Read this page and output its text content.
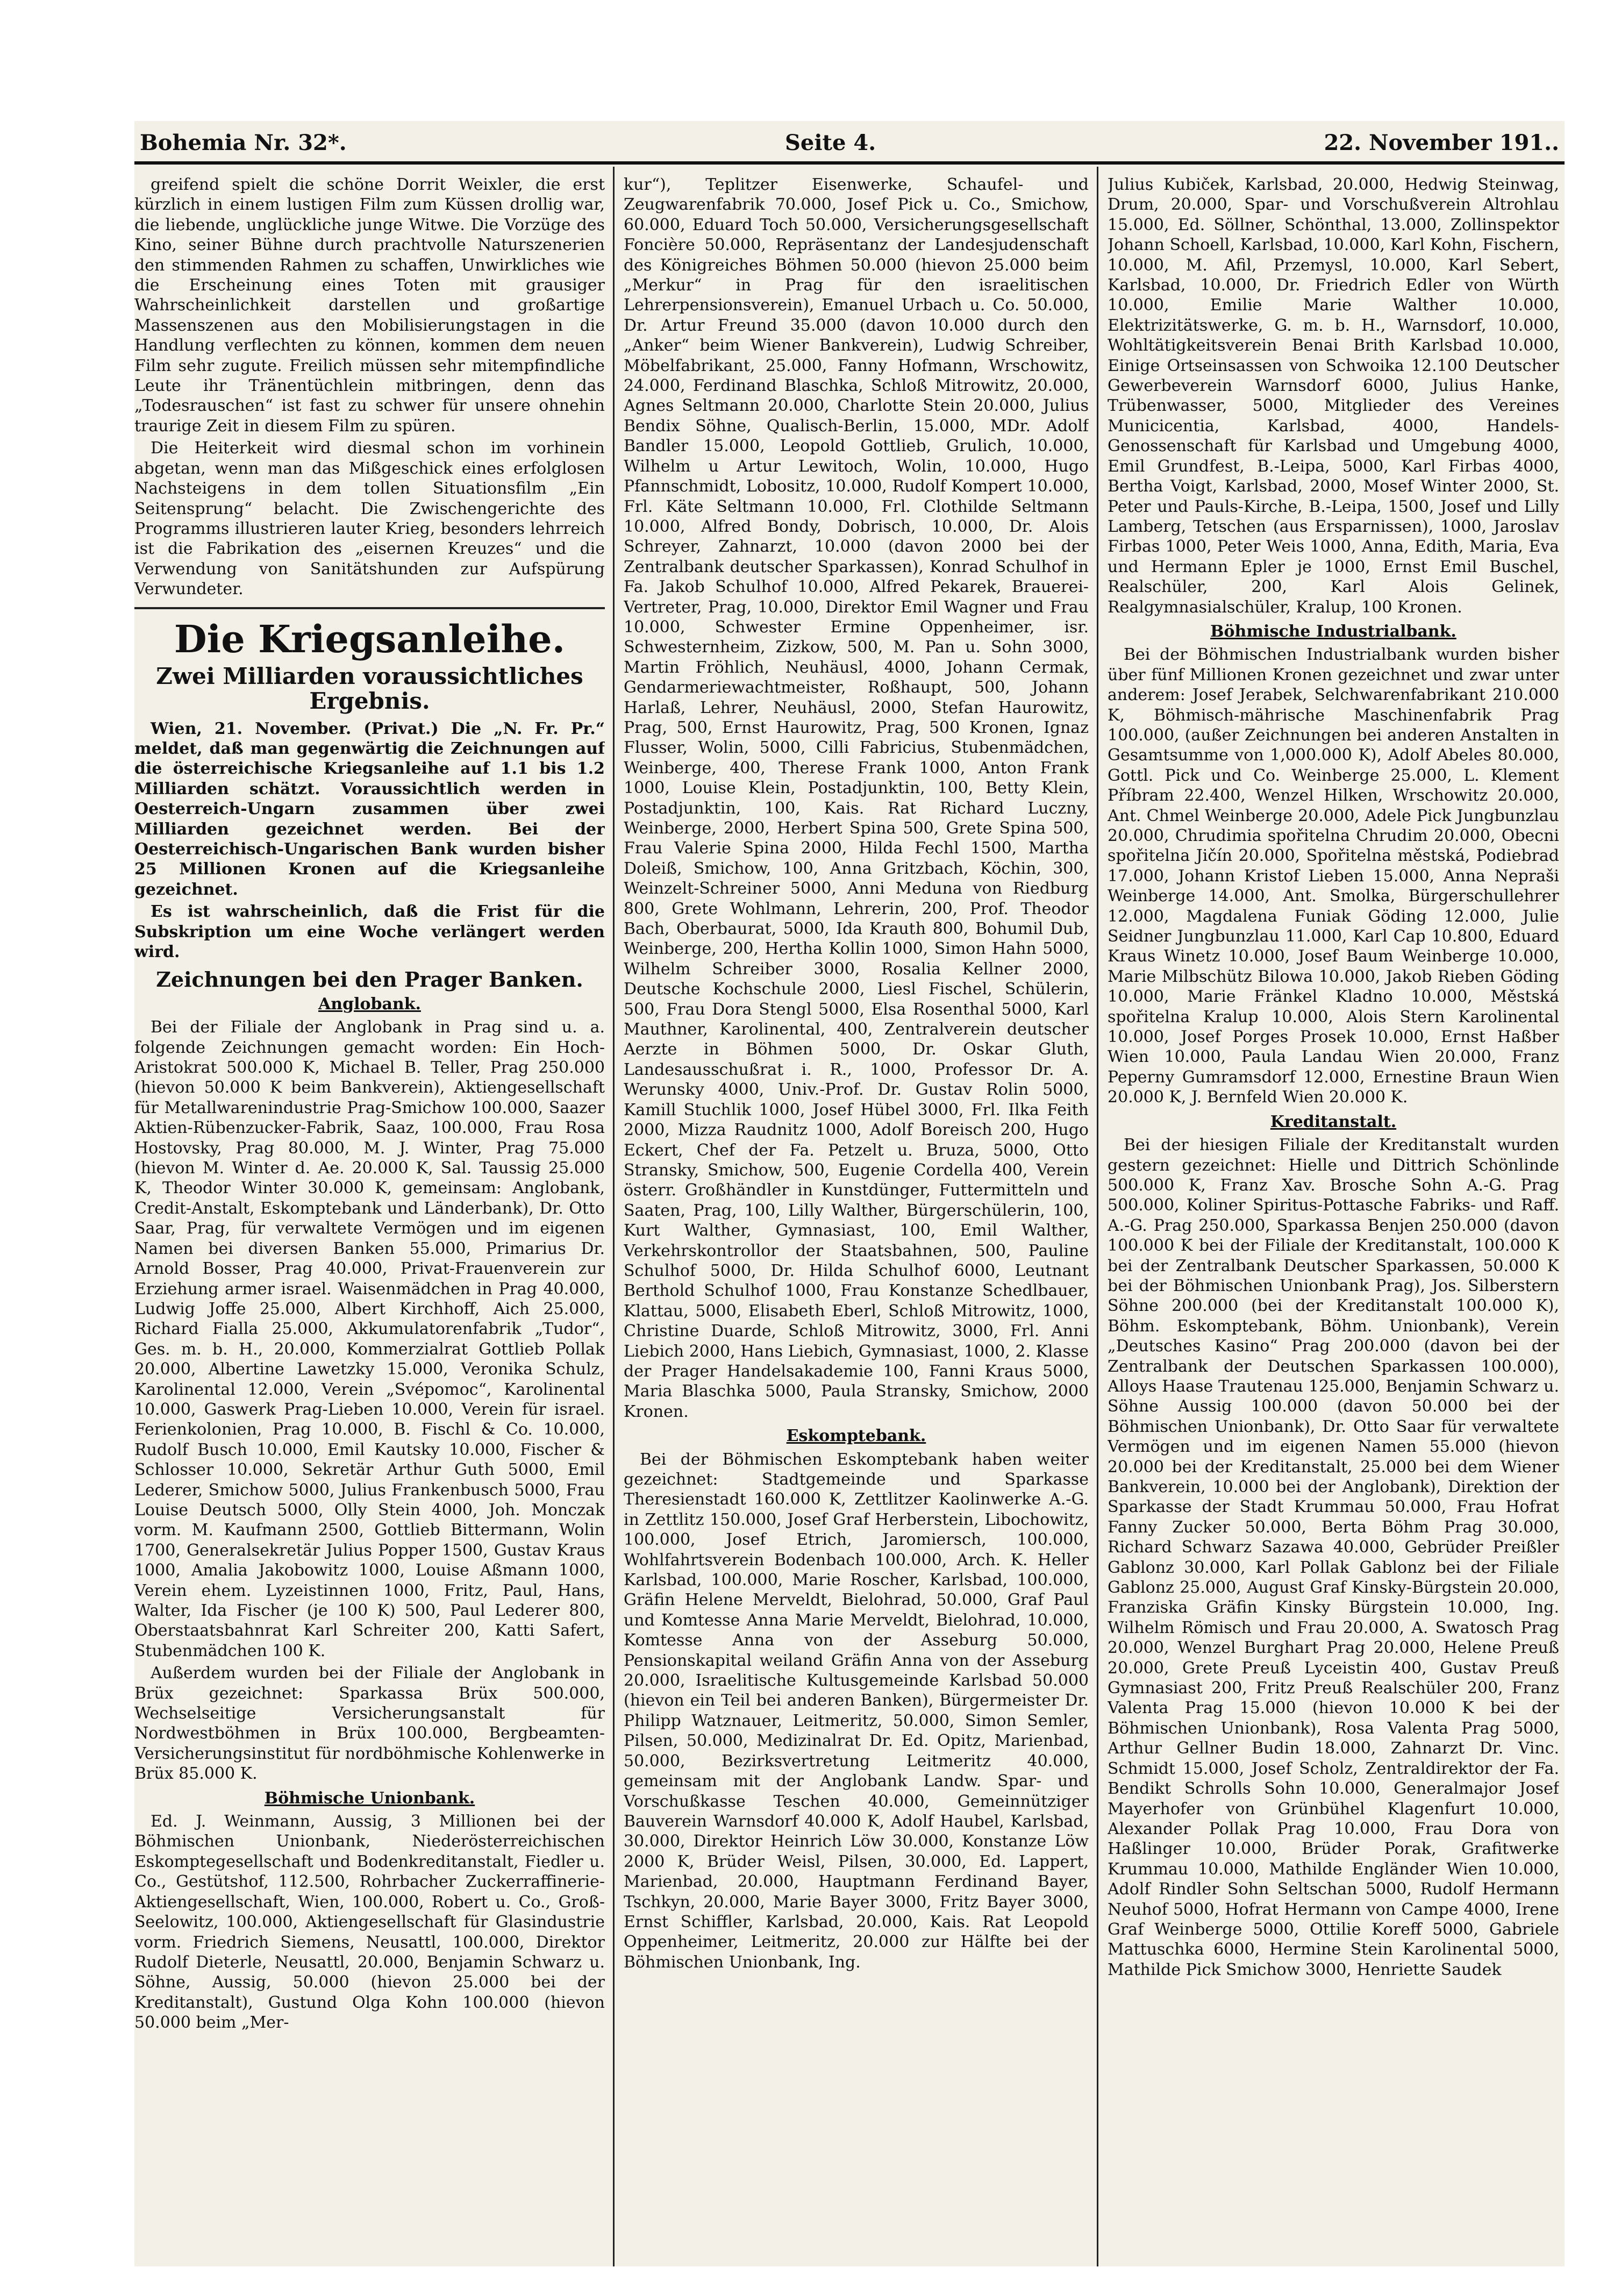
Bohemia Nr. 32*.	Seite 4.	22. November 191..

greifend spielt die schöne Dorrit Weixler, die erst kürzlich in einem lustigen Film zum Küssen drollig war, die liebende, unglückliche junge Witwe. Die Vorzüge des Kino, seiner Bühne durch prachtvolle Naturszenerien den stimmenden Rahmen zu schaffen, Unwirkliches wie die Erscheinung eines Toten mit grausiger Wahrscheinlichkeit darstellen und großartige Massenszenen aus den Mobilisierungstagen in die Handlung verflechten zu können, kommen dem neuen Film sehr zugute. Freilich müssen sehr mitempfindliche Leute ihr Tränentüchlein mitbringen, denn das „Todesrauschen“ ist fast zu schwer für unsere ohnehin traurige Zeit in diesem Film zu spüren.

Die Heiterkeit wird diesmal schon im vorhinein abgetan, wenn man das Mißgeschick eines erfolglosen Nachsteigens in dem tollen Situationsfilm „Ein Seitensprung“ belacht. Die Zwischengerichte des Programms illustrieren lauter Krieg, besonders lehrreich ist die Fabrikation des „eisernen Kreuzes“ und die Verwendung von Sanitätshunden zur Aufspürung Verwundeter.

Die Kriegsanleihe.
Zwei Milliarden voraussichtliches Ergebnis.

Wien, 21. November. (Privat.) Die „N. Fr. Pr.“ meldet, daß man gegenwärtig die Zeichnungen auf die österreichische Kriegsanleihe auf 1.1 bis 1.2 Milliarden schätzt. Voraussichtlich werden in Oesterreich-Ungarn zusammen über zwei Milliarden gezeichnet werden. Bei der Oesterreichisch-Ungarischen Bank wurden bisher 25 Millionen Kronen auf die Kriegsanleihe gezeichnet.

Es ist wahrscheinlich, daß die Frist für die Subskription um eine Woche verlängert werden wird.

Zeichnungen bei den Prager Banken.
Anglobank.

Bei der Filiale der Anglobank in Prag sind u. a. folgende Zeichnungen gemacht worden: Ein Hoch-Aristokrat 500.000 K, Michael B. Teller, Prag 250.000 (hievon 50.000 K beim Bankverein), Aktiengesellschaft für Metallwarenindustrie Prag-Smichow 100.000, Saazer Aktien-Rübenzucker-Fabrik, Saaz, 100.000, Frau Rosa Hostovsky, Prag 80.000, M. J. Winter, Prag 75.000 (hievon M. Winter d. Ae. 20.000 K, Sal. Taussig 25.000 K, Theodor Winter 30.000 K, gemeinsam: Anglobank, Credit-Anstalt, Eskomptebank und Länderbank), Dr. Otto Saar, Prag, für verwaltete Vermögen und im eigenen Namen bei diversen Banken 55.000, Primarius Dr. Arnold Bosser, Prag 40.000, Privat-Frauenverein zur Erziehung armer israel. Waisenmädchen in Prag 40.000, Ludwig Joffe 25.000, Albert Kirchhoff, Aich 25.000, Richard Fialla 25.000, Akkumulatorenfabrik „Tudor“, Ges. m. b. H., 20.000, Kommerzialrat Gottlieb Pollak 20.000, Albertine Lawetzky 15.000, Veronika Schulz, Karolinental 12.000, Verein „Svépomoc“, Karolinental 10.000, Gaswerk Prag-Lieben 10.000, Verein für israel. Ferienkolonien, Prag 10.000, B. Fischl & Co. 10.000, Rudolf Busch 10.000, Emil Kautsky 10.000, Fischer & Schlosser 10.000, Sekretär Arthur Guth 5000, Emil Lederer, Smichow 5000, Julius Frankenbusch 5000, Frau Louise Deutsch 5000, Olly Stein 4000, Joh. Monczak vorm. M. Kaufmann 2500, Gottlieb Bittermann, Wolin 1700, Generalsekretär Julius Popper 1500, Gustav Kraus 1000, Amalia Jakobowitz 1000, Louise Aßmann 1000, Verein ehem. Lyzeistinnen 1000, Fritz, Paul, Hans, Walter, Ida Fischer (je 100 K) 500, Paul Lederer 800, Oberstaatsbahnrat Karl Schreiter 200, Katti Safert, Stubenmädchen 100 K.

Außerdem wurden bei der Filiale der Anglobank in Brüx gezeichnet: Sparkassa Brüx 500.000, Wechselseitige Versicherungsanstalt für Nordwestböhmen in Brüx 100.000, Bergbeamten-Versicherungsinstitut für nordböhmische Kohlenwerke in Brüx 85.000 K.

Böhmische Unionbank.

Ed. J. Weinmann, Aussig, 3 Millionen bei der Böhmischen Unionbank, Niederösterreichischen Eskomptegesellschaft und Bodenkreditanstalt, Fiedler u. Co., Gestütshof, 112.500, Rohrbacher Zuckerraffinerie-Aktiengesellschaft, Wien, 100.000, Robert u. Co., Groß-Seelowitz, 100.000, Aktiengesellschaft für Glasindustrie vorm. Friedrich Siemens, Neusattl, 100.000, Direktor Rudolf Dieterle, Neusattl, 20.000, Benjamin Schwarz u. Söhne, Aussig, 50.000 (hievon 25.000 bei der Kreditanstalt), Gustund Olga Kohn 100.000 (hievon 50.000 beim „Mer-

kur“), Teplitzer Eisenwerke, Schaufel- und Zeugwarenfabrik 70.000, Josef Pick u. Co., Smichow, 60.000, Eduard Toch 50.000, Versicherungsgesellschaft Foncière 50.000, Repräsentanz der Landesjudenschaft des Königreiches Böhmen 50.000 (hievon 25.000 beim „Merkur“ in Prag für den israelitischen Lehrerpensionsverein), Emanuel Urbach u. Co. 50.000, Dr. Artur Freund 35.000 (davon 10.000 durch den „Anker“ beim Wiener Bankverein), Ludwig Schreiber, Möbelfabrikant, 25.000, Fanny Hofmann, Wrschowitz, 24.000, Ferdinand Blaschka, Schloß Mitrowitz, 20.000, Agnes Seltmann 20.000, Charlotte Stein 20.000, Julius Bendix Söhne, Qualisch-Berlin, 15.000, MDr. Adolf Bandler 15.000, Leopold Gottlieb, Grulich, 10.000, Wilhelm u Artur Lewitoch, Wolin, 10.000, Hugo Pfannschmidt, Lobositz, 10.000, Rudolf Kompert 10.000, Frl. Käte Seltmann 10.000, Frl. Clothilde Seltmann 10.000, Alfred Bondy, Dobrisch, 10.000, Dr. Alois Schreyer, Zahnarzt, 10.000 (davon 2000 bei der Zentralbank deutscher Sparkassen), Konrad Schulhof in Fa. Jakob Schulhof 10.000, Alfred Pekarek, Brauerei-Vertreter, Prag, 10.000, Direktor Emil Wagner und Frau 10.000, Schwester Ermine Oppenheimer, isr. Schwesternheim, Zizkow, 500, M. Pan u. Sohn 3000, Martin Fröhlich, Neuhäusl, 4000, Johann Cermak, Gendarmeriewachtmeister, Roßhaupt, 500, Johann Harlaß, Lehrer, Neuhäusl, 2000, Stefan Haurowitz, Prag, 500, Ernst Haurowitz, Prag, 500 Kronen, Ignaz Flusser, Wolin, 5000, Cilli Fabricius, Stubenmädchen, Weinberge, 400, Therese Frank 1000, Anton Frank 1000, Louise Klein, Postadjunktin, 100, Betty Klein, Postadjunktin, 100, Kais. Rat Richard Luczny, Weinberge, 2000, Herbert Spina 500, Grete Spina 500, Frau Valerie Spina 2000, Hilda Fechl 1500, Martha Doleiß, Smichow, 100, Anna Gritzbach, Köchin, 300, Weinzelt-Schreiner 5000, Anni Meduna von Riedburg 800, Grete Wohlmann, Lehrerin, 200, Prof. Theodor Bach, Oberbaurat, 5000, Ida Krauth 800, Bohumil Dub, Weinberge, 200, Hertha Kollin 1000, Simon Hahn 5000, Wilhelm Schreiber 3000, Rosalia Kellner 2000, Deutsche Kochschule 2000, Liesl Fischel, Schülerin, 500, Frau Dora Stengl 5000, Elsa Rosenthal 5000, Karl Mauthner, Karolinental, 400, Zentralverein deutscher Aerzte in Böhmen 5000, Dr. Oskar Gluth, Landesausschußrat i. R., 1000, Professor Dr. A. Werunsky 4000, Univ.-Prof. Dr. Gustav Rolin 5000, Kamill Stuchlik 1000, Josef Hübel 3000, Frl. Ilka Feith 2000, Mizza Raudnitz 1000, Adolf Boreisch 200, Hugo Eckert, Chef der Fa. Petzelt u. Bruza, 5000, Otto Stransky, Smichow, 500, Eugenie Cordella 400, Verein österr. Großhändler in Kunstdünger, Futtermitteln und Saaten, Prag, 100, Lilly Walther, Bürgerschülerin, 100, Kurt Walther, Gymnasiast, 100, Emil Walther, Verkehrskontrollor der Staatsbahnen, 500, Pauline Schulhof 5000, Dr. Hilda Schulhof 6000, Leutnant Berthold Schulhof 1000, Frau Konstanze Schedlbauer, Klattau, 5000, Elisabeth Eberl, Schloß Mitrowitz, 1000, Christine Duarde, Schloß Mitrowitz, 3000, Frl. Anni Liebich 2000, Hans Liebich, Gymnasiast, 1000, 2. Klasse der Prager Handelsakademie 100, Fanni Kraus 5000, Maria Blaschka 5000, Paula Stransky, Smichow, 2000 Kronen.

Eskomptebank.

Bei der Böhmischen Eskomptebank haben weiter gezeichnet: Stadtgemeinde und Sparkasse Theresienstadt 160.000 K, Zettlitzer Kaolinwerke A.-G. in Zettlitz 150.000, Josef Graf Herberstein, Libochowitz, 100.000, Josef Etrich, Jaromiersch, 100.000, Wohlfahrtsverein Bodenbach 100.000, Arch. K. Heller Karlsbad, 100.000, Marie Roscher, Karlsbad, 100.000, Gräfin Helene Merveldt, Bielohrad, 50.000, Graf Paul und Komtesse Anna Marie Merveldt, Bielohrad, 10.000, Komtesse Anna von der Asseburg 50.000, Pensionskapital weiland Gräfin Anna von der Asseburg 20.000, Israelitische Kultusgemeinde Karlsbad 50.000 (hievon ein Teil bei anderen Banken), Bürgermeister Dr. Philipp Watznauer, Leitmeritz, 50.000, Simon Semler, Pilsen, 50.000, Medizinalrat Dr. Ed. Opitz, Marienbad, 50.000, Bezirksvertretung Leitmeritz 40.000, gemeinsam mit der Anglobank Landw. Spar- und Vorschußkasse Teschen 40.000, Gemeinnütziger Bauverein Warnsdorf 40.000 K, Adolf Haubel, Karlsbad, 30.000, Direktor Heinrich Löw 30.000, Konstanze Löw 2000 K, Brüder Weisl, Pilsen, 30.000, Ed. Lappert, Marienbad, 20.000, Hauptmann Ferdinand Bayer, Tschkyn, 20.000, Marie Bayer 3000, Fritz Bayer 3000, Ernst Schiffler, Karlsbad, 20.000, Kais. Rat Leopold Oppenheimer, Leitmeritz, 20.000 zur Hälfte bei der Böhmischen Unionbank, Ing.

Julius Kubiček, Karlsbad, 20.000, Hedwig Steinwag, Drum, 20.000, Spar- und Vorschußverein Altrohlau 15.000, Ed. Söllner, Schönthal, 13.000, Zollinspektor Johann Schoell, Karlsbad, 10.000, Karl Kohn, Fischern, 10.000, M. Afil, Przemysl, 10.000, Karl Sebert, Karlsbad, 10.000, Dr. Friedrich Edler von Würth 10.000, Emilie Marie Walther 10.000, Elektrizitätswerke, G. m. b. H., Warnsdorf, 10.000, Wohltätigkeitsverein Benai Brith Karlsbad 10.000, Einige Ortseinsassen von Schwoika 12.100 Deutscher Gewerbeverein Warnsdorf 6000, Julius Hanke, Trübenwasser, 5000, Mitglieder des Vereines Municicentia, Karlsbad, 4000, Handels-Genossenschaft für Karlsbad und Umgebung 4000, Emil Grundfest, B.-Leipa, 5000, Karl Firbas 4000, Bertha Voigt, Karlsbad, 2000, Mosef Winter 2000, St. Peter und Pauls-Kirche, B.-Leipa, 1500, Josef und Lilly Lamberg, Tetschen (aus Ersparnissen), 1000, Jaroslav Firbas 1000, Peter Weis 1000, Anna, Edith, Maria, Eva und Hermann Epler je 1000, Ernst Emil Buschel, Realschüler, 200, Karl Alois Gelinek, Realgymnasialschüler, Kralup, 100 Kronen.

Böhmische Industrialbank.

Bei der Böhmischen Industrialbank wurden bisher über fünf Millionen Kronen gezeichnet und zwar unter anderem: Josef Jerabek, Selchwarenfabrikant 210.000 K, Böhmisch-mährische Maschinenfabrik Prag 100.000, (außer Zeichnungen bei anderen Anstalten in Gesamtsumme von 1,000.000 K), Adolf Abeles 80.000, Gottl. Pick und Co. Weinberge 25.000, L. Klement Příbram 22.400, Wenzel Hilken, Wrschowitz 20.000, Ant. Chmel Weinberge 20.000, Adele Pick Jungbunzlau 20.000, Chrudimia spořitelna Chrudim 20.000, Obecni spořitelna Jičín 20.000, Spořitelna městská, Podiebrad 17.000, Johann Kristof Lieben 15.000, Anna Nepraši Weinberge 14.000, Ant. Smolka, Bürgerschullehrer 12.000, Magdalena Funiak Göding 12.000, Julie Seidner Jungbunzlau 11.000, Karl Cap 10.800, Eduard Kraus Winetz 10.000, Josef Baum Weinberge 10.000, Marie Milbschütz Bilowa 10.000, Jakob Rieben Göding 10.000, Marie Fränkel Kladno 10.000, Městská spořitelna Kralup 10.000, Alois Stern Karolinental 10.000, Josef Porges Prosek 10.000, Ernst Haßber Wien 10.000, Paula Landau Wien 20.000, Franz Peperny Gumramsdorf 12.000, Ernestine Braun Wien 20.000 K, J. Bernfeld Wien 20.000 K.

Kreditanstalt.

Bei der hiesigen Filiale der Kreditanstalt wurden gestern gezeichnet: Hielle und Dittrich Schönlinde 500.000 K, Franz Xav. Brosche Sohn A.-G. Prag 500.000, Koliner Spiritus-Pottasche Fabriks- und Raff. A.-G. Prag 250.000, Sparkassa Benjen 250.000 (davon 100.000 K bei der Filiale der Kreditanstalt, 100.000 K bei der Zentralbank Deutscher Sparkassen, 50.000 K bei der Böhmischen Unionbank Prag), Jos. Silberstern Söhne 200.000 (bei der Kreditanstalt 100.000 K), Böhm. Eskomptebank, Böhm. Unionbank), Verein „Deutsches Kasino“ Prag 200.000 (davon bei der Zentralbank der Deutschen Sparkassen 100.000), Alloys Haase Trautenau 125.000, Benjamin Schwarz u. Söhne Aussig 100.000 (davon 50.000 bei der Böhmischen Unionbank), Dr. Otto Saar für verwaltete Vermögen und im eigenen Namen 55.000 (hievon 20.000 bei der Kreditanstalt, 25.000 bei dem Wiener Bankverein, 10.000 bei der Anglobank), Direktion der Sparkasse der Stadt Krummau 50.000, Frau Hofrat Fanny Zucker 50.000, Berta Böhm Prag 30.000, Richard Schwarz Sazawa 40.000, Gebrüder Preißler Gablonz 30.000, Karl Pollak Gablonz bei der Filiale Gablonz 25.000, August Graf Kinsky-Bürgstein 20.000, Franziska Gräfin Kinsky Bürgstein 10.000, Ing. Wilhelm Römisch und Frau 20.000, A. Swatosch Prag 20.000, Wenzel Burghart Prag 20.000, Helene Preuß 20.000, Grete Preuß Lyceistin 400, Gustav Preuß Gymnasiast 200, Fritz Preuß Realschüler 200, Franz Valenta Prag 15.000 (hievon 10.000 K bei der Böhmischen Unionbank), Rosa Valenta Prag 5000, Arthur Gellner Budin 18.000, Zahnarzt Dr. Vinc. Schmidt 15.000, Josef Scholz, Zentraldirektor der Fa. Bendikt Schrolls Sohn 10.000, Generalmajor Josef Mayerhofer von Grünbühel Klagenfurt 10.000, Alexander Pollak Prag 10.000, Frau Dora von Haßlinger 10.000, Brüder Porak, Grafitwerke Krummau 10.000, Mathilde Engländer Wien 10.000, Adolf Rindler Sohn Seltschan 5000, Rudolf Hermann Neuhof 5000, Hofrat Hermann von Campe 4000, Irene Graf Weinberge 5000, Ottilie Koreff 5000, Gabriele Mattuschka 6000, Hermine Stein Karolinental 5000, Mathilde Pick Smichow 3000, Henriette Saudek
